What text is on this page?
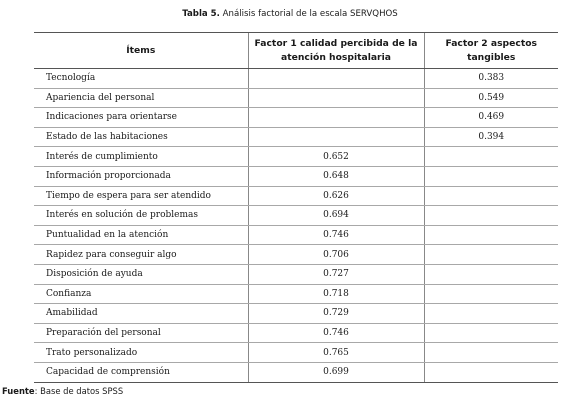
Tabla 5. Análisis factorial de la escala SERVQHOS
Ítems	Factor 1 calidad percibida de la atención hospitalaria	Factor 2 aspectos tangibles
Tecnología		0.383
Apariencia del personal		0.549
Indicaciones para orientarse		0.469
Estado de las habitaciones		0.394
Interés de cumplimiento	0.652	
Información proporcionada	0.648	
Tiempo de espera para ser atendido	0.626	
Interés en solución de problemas	0.694	
Puntualidad en la atención	0.746	
Rapidez para conseguir algo	0.706	
Disposición de ayuda	0.727	
Confianza	0.718	
Amabilidad	0.729	
Preparación del personal	0.746	
Trato personalizado	0.765	
Capacidad de comprensión	0.699	
Fuente: Base de datos SPSS
